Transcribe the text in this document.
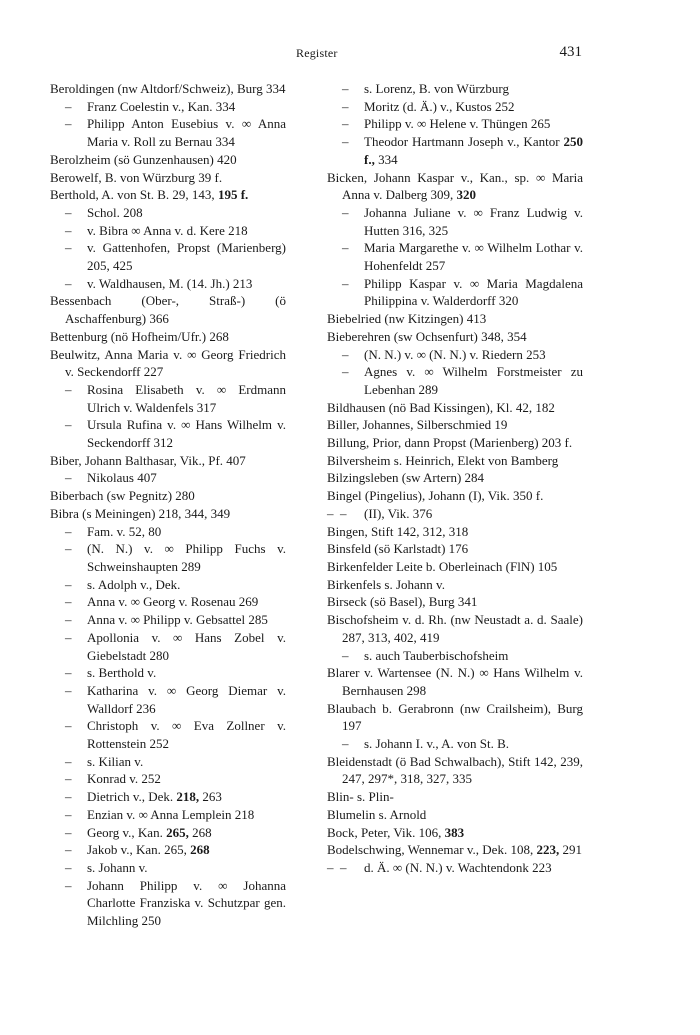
Register	431

Beroldingen (nw Altdorf/Schweiz), Burg 334

– Franz Coelestin v., Kan. 334

– Philipp Anton Eusebius v. ∞ Anna Maria v. Roll zu Bernau 334

Berolzheim (sö Gunzenhausen) 420

Berowelf, B. von Würzburg 39 f.

Berthold, A. von St. B. 29, 143, 195 f.

– Schol. 208

– v. Bibra ∞ Anna v. d. Kere 218

– v. Gattenhofen, Propst (Marienberg) 205, 425

– v. Waldhausen, M. (14. Jh.) 213

Bessenbach (Ober-, Straß-) (ö Aschaffenburg) 366

Bettenburg (nö Hofheim/Ufr.) 268

Beulwitz, Anna Maria v. ∞ Georg Friedrich v. Seckendorff 227

– Rosina Elisabeth v. ∞ Erdmann Ulrich v. Waldenfels 317

– Ursula Rufina v. ∞ Hans Wilhelm v. Seckendorff 312

Biber, Johann Balthasar, Vik., Pf. 407

– Nikolaus 407

Biberbach (sw Pegnitz) 280

Bibra (s Meiningen) 218, 344, 349

– Fam. v. 52, 80

– (N. N.) v. ∞ Philipp Fuchs v. Schweinshaupten 289

– s. Adolph v., Dek.

– Anna v. ∞ Georg v. Rosenau 269

– Anna v. ∞ Philipp v. Gebsattel 285

– Apollonia v. ∞ Hans Zobel v. Giebelstadt 280

– s. Berthold v.

– Katharina v. ∞ Georg Diemar v. Walldorf 236

– Christoph v. ∞ Eva Zollner v. Rottenstein 252

– s. Kilian v.

– Konrad v. 252

– Dietrich v., Dek. 218, 263

– Enzian v. ∞ Anna Lemplein 218

– Georg v., Kan. 265, 268

– Jakob v., Kan. 265, 268

– s. Johann v.

– Johann Philipp v. ∞ Johanna Charlotte Franziska v. Schutzpar gen. Milchling 250

– s. Lorenz, B. von Würzburg

– Moritz (d. Ä.) v., Kustos 252

– Philipp v. ∞ Helene v. Thüngen 265

– Theodor Hartmann Joseph v., Kantor 250 f., 334

Bicken, Johann Kaspar v., Kan., sp. ∞ Maria Anna v. Dalberg 309, 320

– Johanna Juliane v. ∞ Franz Ludwig v. Hutten 316, 325

– Maria Margarethe v. ∞ Wilhelm Lothar v. Hohenfeldt 257

– Philipp Kaspar v. ∞ Maria Magdalena Philippina v. Walderdorff 320

Biebelried (nw Kitzingen) 413

Bieberehren (sw Ochsenfurt) 348, 354

– (N. N.) v. ∞ (N. N.) v. Riedern 253

– Agnes v. ∞ Wilhelm Forstmeister zu Lebenhan 289

Bildhausen (nö Bad Kissingen), Kl. 42, 182

Biller, Johannes, Silberschmied 19

Billung, Prior, dann Propst (Marienberg) 203 f.

Bilversheim s. Heinrich, Elekt von Bamberg

Bilzingsleben (sw Artern) 284

Bingel (Pingelius), Johann (I), Vik. 350 f.

–  – (II), Vik. 376

Bingen, Stift 142, 312, 318

Binsfeld (sö Karlstadt) 176

Birkenfelder Leite b. Oberleinach (FlN) 105

Birkenfels s. Johann v.

Birseck (sö Basel), Burg 341

Bischofsheim v. d. Rh. (nw Neustadt a. d. Saale) 287, 313, 402, 419

– s. auch Tauberbischofsheim

Blarer v. Wartensee (N. N.) ∞ Hans Wilhelm v. Bernhausen 298

Blaubach b. Gerabronn (nw Crailsheim), Burg 197

– s. Johann I. v., A. von St. B.

Bleidenstadt (ö Bad Schwalbach), Stift 142, 239, 247, 297*, 318, 327, 335

Blin- s. Plin-

Blumelin s. Arnold

Bock, Peter, Vik. 106, 383

Bodelschwing, Wennemar v., Dek. 108, 223, 291

–  – d. Ä. ∞ (N. N.) v. Wachtendonk 223
